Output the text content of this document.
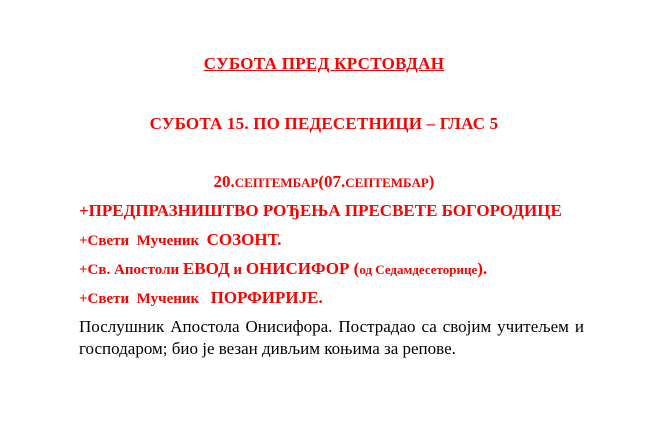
СУБОТА ПРЕД КРСТОВДАН
СУБОТА 15. ПО ПЕДЕСЕТНИЦИ – ГЛАС 5
20.СЕПТЕМБАР(07.СЕПТЕМБАР)
+ПРЕДПРАЗНИШТВО РОЂЕЊА ПРЕСВЕТЕ БОГОРОДИЦЕ
+Свети  Мученик  СОЗОНТ.
+Св. Апостоли ЕВОД и ОНИСИФОР (од Седамдесеторице).
+Свети  Мученик  ПОРФИРИЈЕ.
Послушник Апостола Онисифора. Пострадао са својим учитељем и господаром; био је везан дивљим коњима за репове.
